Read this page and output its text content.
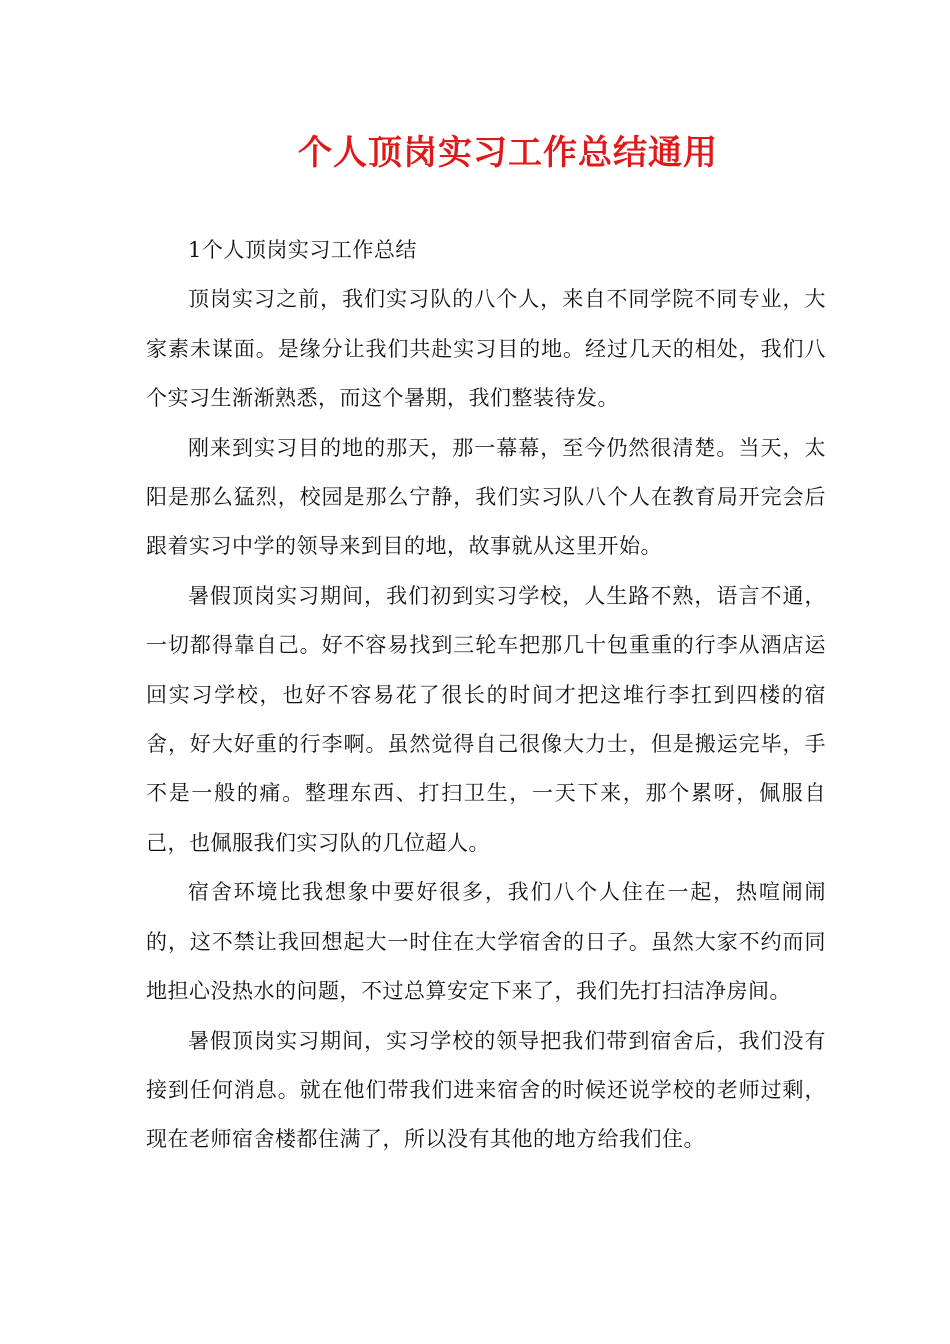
个人顶岗实习工作总结通用

1个人顶岗实习工作总结

顶岗实习之前，我们实习队的八个人，来自不同学院不同专业，大家素未谋面。是缘分让我们共赴实习目的地。经过几天的相处，我们八个实习生渐渐熟悉，而这个暑期，我们整装待发。

刚来到实习目的地的那天，那一幕幕，至今仍然很清楚。当天，太阳是那么猛烈，校园是那么宁静，我们实习队八个人在教育局开完会后跟着实习中学的领导来到目的地，故事就从这里开始。

暑假顶岗实习期间，我们初到实习学校，人生路不熟，语言不通，一切都得靠自己。好不容易找到三轮车把那几十包重重的行李从酒店运回实习学校，也好不容易花了很长的时间才把这堆行李扛到四楼的宿舍，好大好重的行李啊。虽然觉得自己很像大力士，但是搬运完毕，手不是一般的痛。整理东西、打扫卫生，一天下来，那个累呀，佩服自己，也佩服我们实习队的几位超人。

宿舍环境比我想象中要好很多，我们八个人住在一起，热喧闹闹的，这不禁让我回想起大一时住在大学宿舍的日子。虽然大家不约而同地担心没热水的问题，不过总算安定下来了，我们先打扫洁净房间。

暑假顶岗实习期间，实习学校的领导把我们带到宿舍后，我们没有接到任何消息。就在他们带我们进来宿舍的时候还说学校的老师过剩，现在老师宿舍楼都住满了，所以没有其他的地方给我们住。
